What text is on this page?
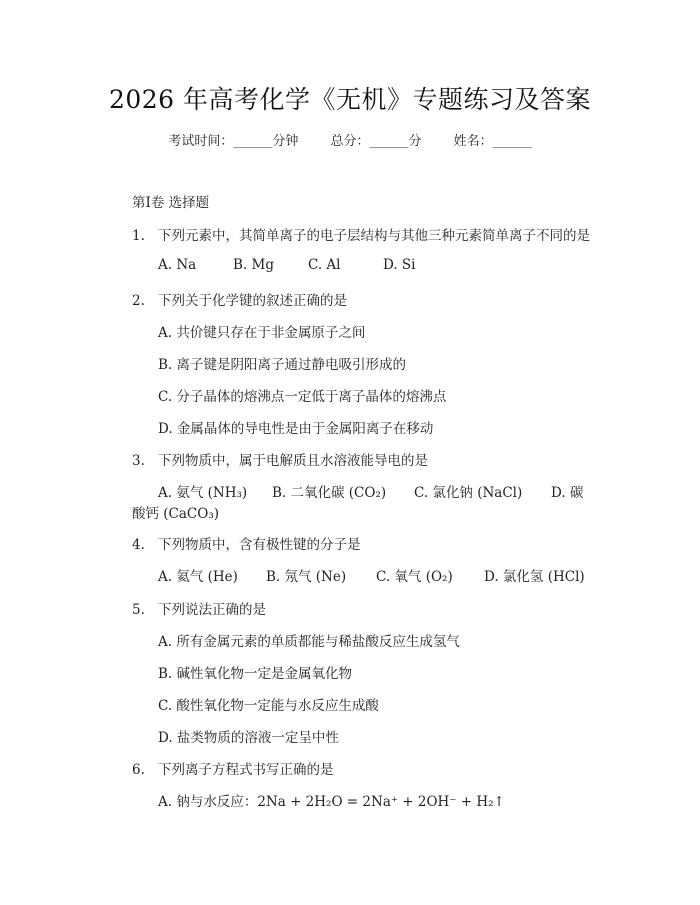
2026 年高考化学《无机》专题练习及答案
考试时间：______分钟 总分：______分 姓名：______
第Ⅰ卷 选择题
1. 下列元素中，其简单离子的电子层结构与其他三种元素简单离子不同的是
A. Na	B. Mg	C. Al	D. Si
2. 下列关于化学键的叙述正确的是
A. 共价键只存在于非金属原子之间
B. 离子键是阴阳离子通过静电吸引形成的
C. 分子晶体的熔沸点一定低于离子晶体的熔沸点
D. 金属晶体的导电性是由于金属阳离子在移动
3. 下列物质中，属于电解质且水溶液能导电的是
A. 氨气 (NH₃) B. 二氧化碳 (CO₂) C. 氯化钠 (NaCl) D. 碳
酸钙 (CaCO₃)
4. 下列物质中，含有极性键的分子是
A. 氦气 (He) B. 氖气 (Ne) C. 氧气 (O₂) D. 氯化氢 (HCl)
5. 下列说法正确的是
A. 所有金属元素的单质都能与稀盐酸反应生成氢气
B. 碱性氧化物一定是金属氧化物
C. 酸性氧化物一定能与水反应生成酸
D. 盐类物质的溶液一定呈中性
6. 下列离子方程式书写正确的是
A. 钠与水反应：2Na + 2H₂O = 2Na⁺ + 2OH⁻ + H₂↑
